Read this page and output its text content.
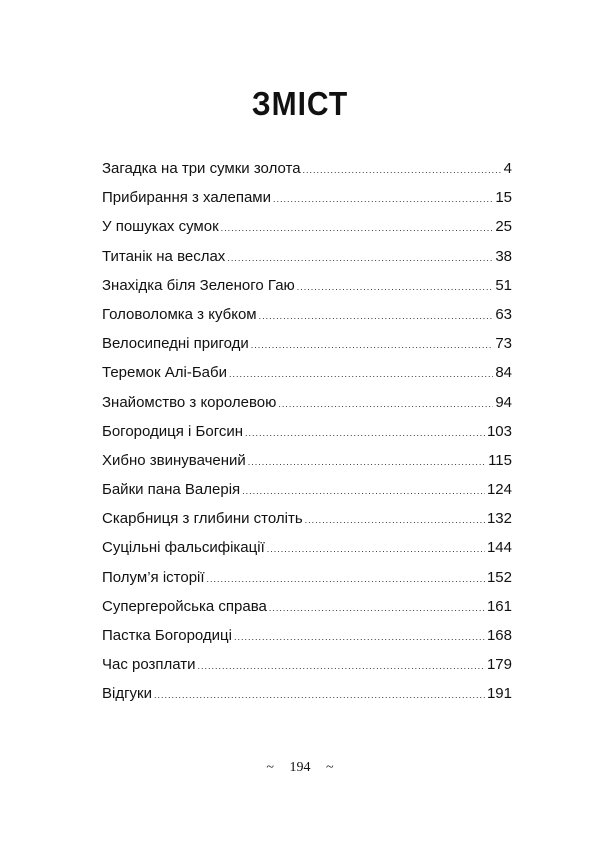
ЗМІСТ
Загадка на три сумки золота .....	4
Прибирання з халепами .....	15
У пошуках сумок .....	25
Титанік на веслах .....	38
Знахідка біля Зеленого Гаю .....	51
Головоломка з кубком .....	63
Велосипедні пригоди .....	73
Теремок Алі-Баби .....	84
Знайомство з королевою .....	94
Богородиця і Богсин .....	103
Хибно звинувачений .....	115
Байки пана Валерія .....	124
Скарбниця з глибини століть .....	132
Суцільні фальсифікації .....	144
Полум’я історії .....	152
Супергеройська справа .....	161
Пастка Богородиці .....	168
Час розплати .....	179
Відгуки .....	191
~ 194 ~
